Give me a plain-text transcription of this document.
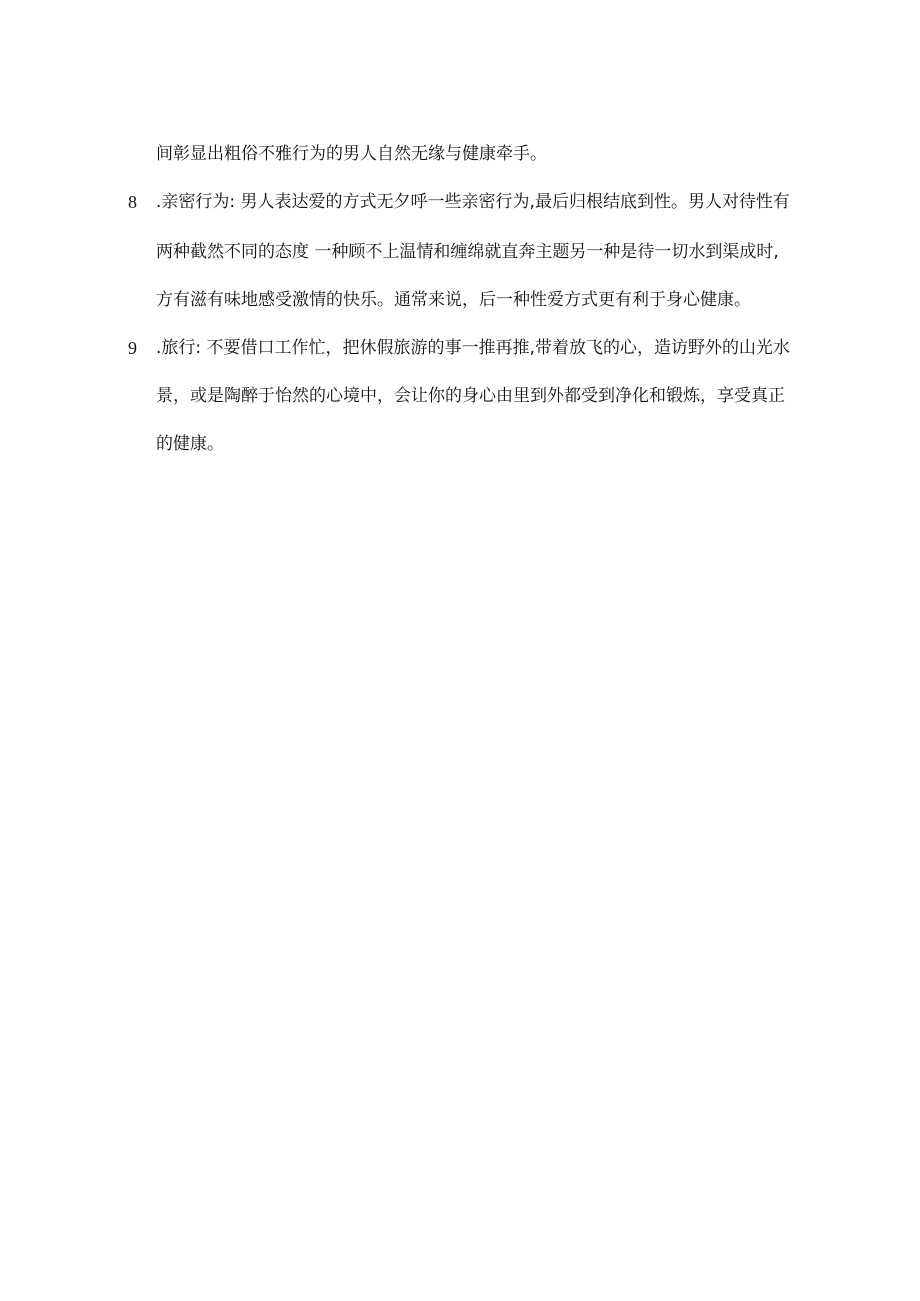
间彰显出粗俗不雅行为的男人自然无缘与健康牵手。
8 .亲密行为: 男人表达爱的方式无夕呼一些亲密行为,最后归根结底到性。男人对待性有
两种截然不同的态度 一种顾不上温情和缠绵就直奔主题另一种是待一切水到渠成时,
方有滋有味地感受激情的快乐。通常来说，后一种性爱方式更有利于身心健康。
9 .旅行: 不要借口工作忙，把休假旅游的事一推再推,带着放飞的心，造访野外的山光水
景，或是陶醉于怡然的心境中，会让你的身心由里到外都受到净化和锻炼，享受真正
的健康。
